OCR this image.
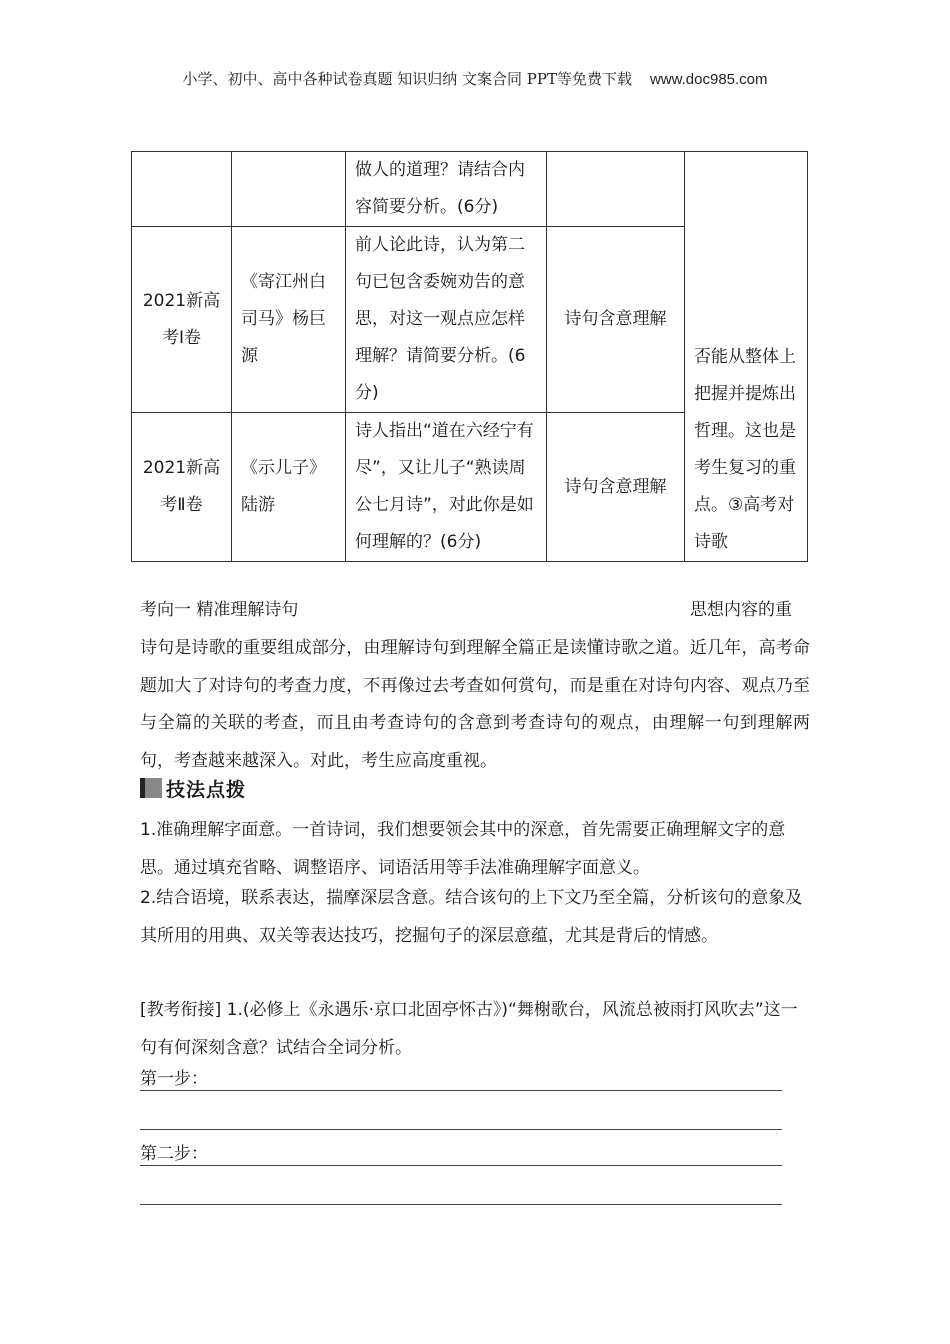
小学、初中、高中各种试卷真题 知识归纳 文案合同 PPT等免费下载 www.doc985.com
		做人的道理？请结合内容简要分析。(6分)		否能从整体上把握并提炼出哲理。这也是考生复习的重点。③高考对诗歌
2021新高考Ⅰ卷	《寄江州白司马》杨巨源	前人论此诗，认为第二句已包含委婉劝告的意思，对这一观点应怎样理解？请简要分析。(6分)	诗句含意理解	
2021新高考Ⅱ卷	《示儿子》陆游	诗人指出“道在六经宁有尽”，又让儿子“熟读周公七月诗”，对此你是如何理解的？(6分)	诗句含意理解	
考向一 精准理解诗句	思想内容的重
诗句是诗歌的重要组成部分，由理解诗句到理解全篇正是读懂诗歌之道。近几年，高考命题加大了对诗句的考查力度，不再像过去考查如何赏句，而是重在对诗句内容、观点乃至与全篇的关联的考查，而且由考查诗句的含意到考查诗句的观点，由理解一句到理解两句，考查越来越深入。对此，考生应高度重视。
技法点拨
1.准确理解字面意。一首诗词，我们想要领会其中的深意，首先需要正确理解文字的意思。通过填充省略、调整语序、词语活用等手法准确理解字面意义。
2.结合语境，联系表达，揣摩深层含意。结合该句的上下文乃至全篇，分析该句的意象及其所用的用典、双关等表达技巧，挖掘句子的深层意蕴，尤其是背后的情感。
[教考衔接] 1.(必修上《永遇乐·京口北固亭怀古》)“舞榭歌台，风流总被雨打风吹去”这一句有何深刻含意？试结合全词分析。
第一步：
第二步：
